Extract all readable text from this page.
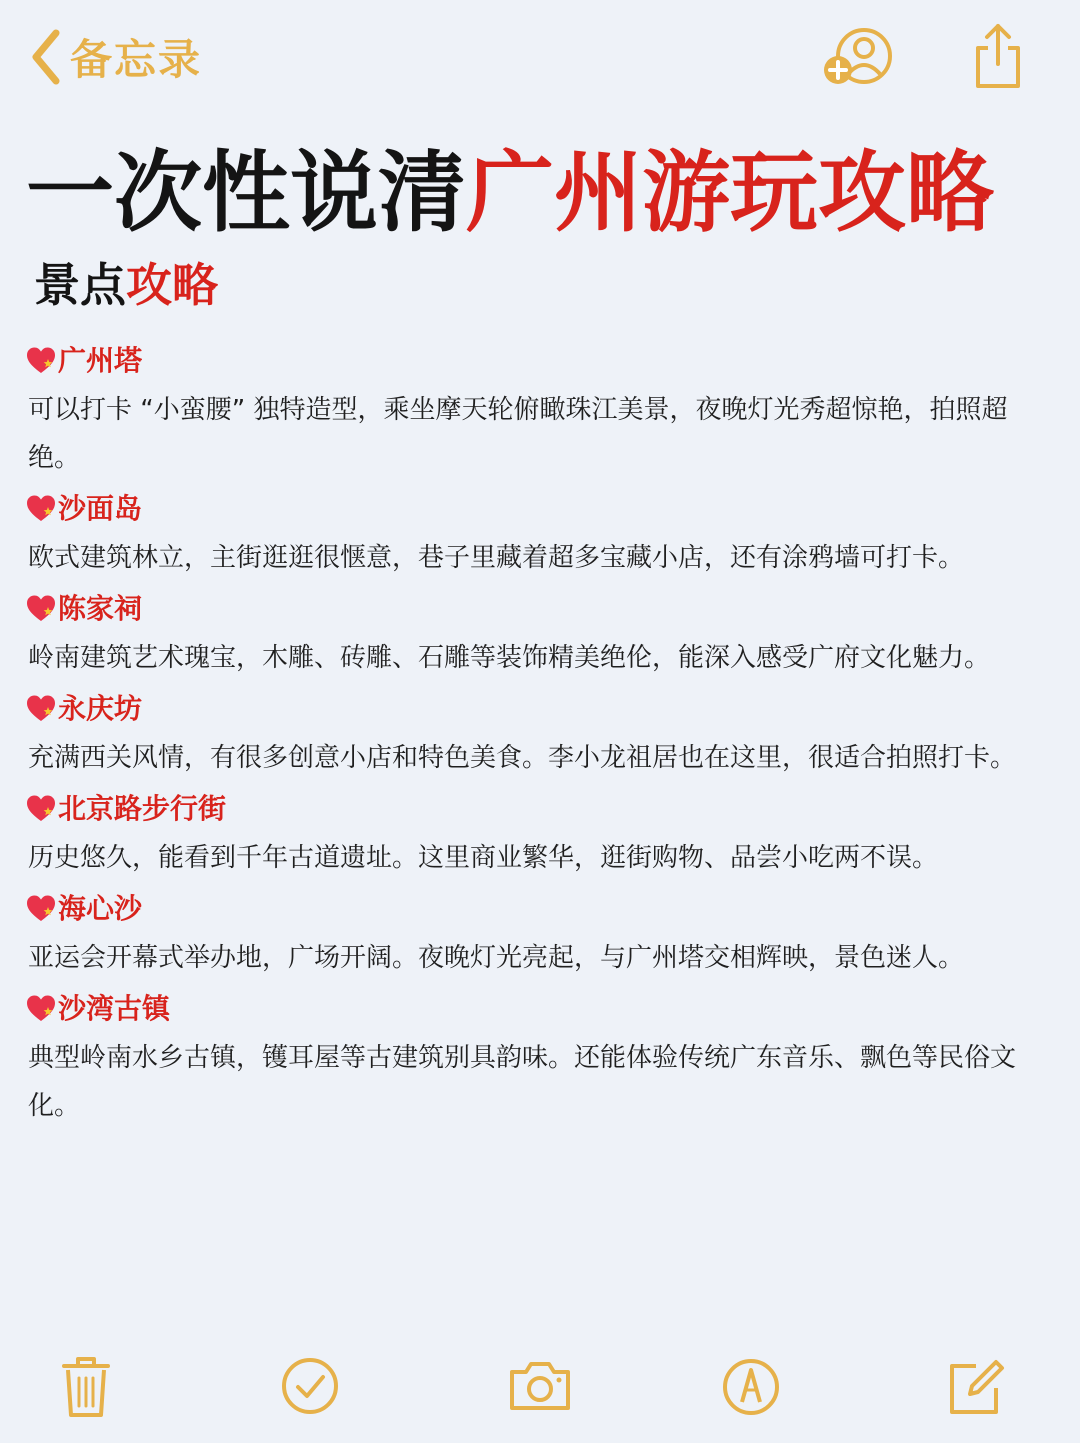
备忘录
一次性说清广州游玩攻略
景点攻略
广州塔

可以打卡 “小蛮腰” 独特造型，乘坐摩天轮俯瞰珠江美景，夜晚灯光秀超惊艳，拍照超绝。

沙面岛

欧式建筑林立，主街逛逛很惬意，巷子里藏着超多宝藏小店，还有涂鸦墙可打卡。

陈家祠

岭南建筑艺术瑰宝，木雕、砖雕、石雕等装饰精美绝伦，能深入感受广府文化魅力。

永庆坊

充满西关风情，有很多创意小店和特色美食。李小龙祖居也在这里，很适合拍照打卡。

北京路步行街

历史悠久，能看到千年古道遗址。这里商业繁华，逛街购物、品尝小吃两不误。

海心沙

亚运会开幕式举办地，广场开阔。夜晚灯光亮起，与广州塔交相辉映，景色迷人。

沙湾古镇

典型岭南水乡古镇，镬耳屋等古建筑别具韵味。还能体验传统广东音乐、飘色等民俗文化。
